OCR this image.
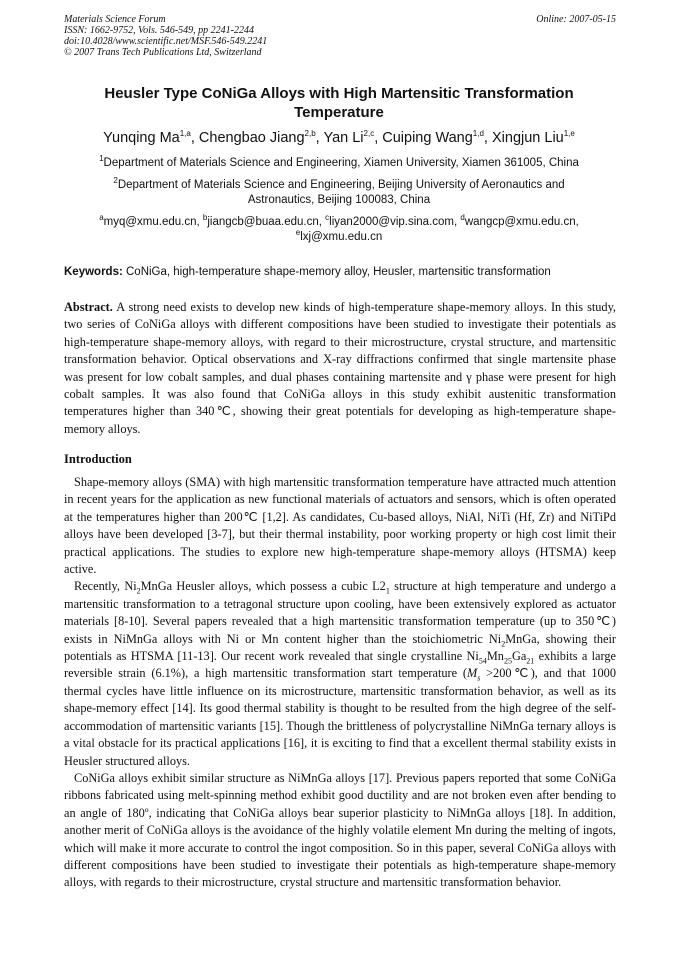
Materials Science Forum
ISSN: 1662-9752, Vols. 546-549, pp 2241-2244
doi:10.4028/www.scientific.net/MSF.546-549.2241
© 2007 Trans Tech Publications Ltd, Switzerland
Online: 2007-05-15
Heusler Type CoNiGa Alloys with High Martensitic Transformation Temperature
Yunqing Ma$^{1,a}$, Chengbao Jiang$^{2,b}$, Yan Li$^{2,c}$, Cuiping Wang$^{1,d}$, Xingjun Liu$^{1,e}$
$^1$Department of Materials Science and Engineering, Xiamen University, Xiamen 361005, China
$^2$Department of Materials Science and Engineering, Beijing University of Aeronautics and
Astronautics, Beijing 100083, China
$^a$myq@xmu.edu.cn, $^b$jiangcb@buaa.edu.cn, $^c$liyan2000@vip.sina.com, $^d$wangcp@xmu.edu.cn,
$^e$lxj@xmu.edu.cn
Keywords: CoNiGa, high-temperature shape-memory alloy, Heusler, martensitic transformation
Abstract. A strong need exists to develop new kinds of high-temperature shape-memory alloys. In this study, two series of CoNiGa alloys with different compositions have been studied to investigate their potentials as high-temperature shape-memory alloys, with regard to their microstructure, crystal structure, and martensitic transformation behavior. Optical observations and X-ray diffractions confirmed that single martensite phase was present for low cobalt samples, and dual phases containing martensite and γ phase were present for high cobalt samples. It was also found that CoNiGa alloys in this study exhibit austenitic transformation temperatures higher than 340℃, showing their great potentials for developing as high-temperature shape-memory alloys.
Introduction

Shape-memory alloys (SMA) with high martensitic transformation temperature have attracted much attention in recent years for the application as new functional materials of actuators and sensors, which is often operated at the temperatures higher than 200℃ [1,2]. As candidates, Cu-based alloys, NiAl, NiTi (Hf, Zr) and NiTiPd alloys have been developed [3-7], but their thermal instability, poor working property or high cost limit their practical applications. The studies to explore new high-temperature shape-memory alloys (HTSMA) keep active.

Recently, $Ni_2MnGa$ Heusler alloys, which possess a cubic $L2_1$ structure at high temperature and undergo a martensitic transformation to a tetragonal structure upon cooling, have been extensively explored as actuator materials [8-10]. Several papers revealed that a high martensitic transformation temperature (up to 350℃) exists in NiMnGa alloys with Ni or Mn content higher than the stoichiometric $Ni_2MnGa$, showing their potentials as HTSMA [11-13]. Our recent work revealed that single crystalline $Ni_{54}Mn_{25}Ga_{21}$ exhibits a large reversible strain (6.1%), a high martensitic transformation start temperature ($M_s$ >200℃), and that 1000 thermal cycles have little influence on its microstructure, martensitic transformation behavior, as well as its shape-memory effect [14]. Its good thermal stability is thought to be resulted from the high degree of the self-accommodation of martensitic variants [15]. Though the brittleness of polycrystalline NiMnGa ternary alloys is a vital obstacle for its practical applications [16], it is exciting to find that a excellent thermal stability exists in Heusler structured alloys.

CoNiGa alloys exhibit similar structure as NiMnGa alloys [17]. Previous papers reported that some CoNiGa ribbons fabricated using melt-spinning method exhibit good ductility and are not broken even after bending to an angle of 180º, indicating that CoNiGa alloys bear superior plasticity to NiMnGa alloys [18]. In addition, another merit of CoNiGa alloys is the avoidance of the highly volatile element Mn during the melting of ingots, which will make it more accurate to control the ingot composition. So in this paper, several CoNiGa alloys with different compositions have been studied to investigate their potentials as high-temperature shape-memory alloys, with regards to their microstructure, crystal structure and martensitic transformation behavior.
